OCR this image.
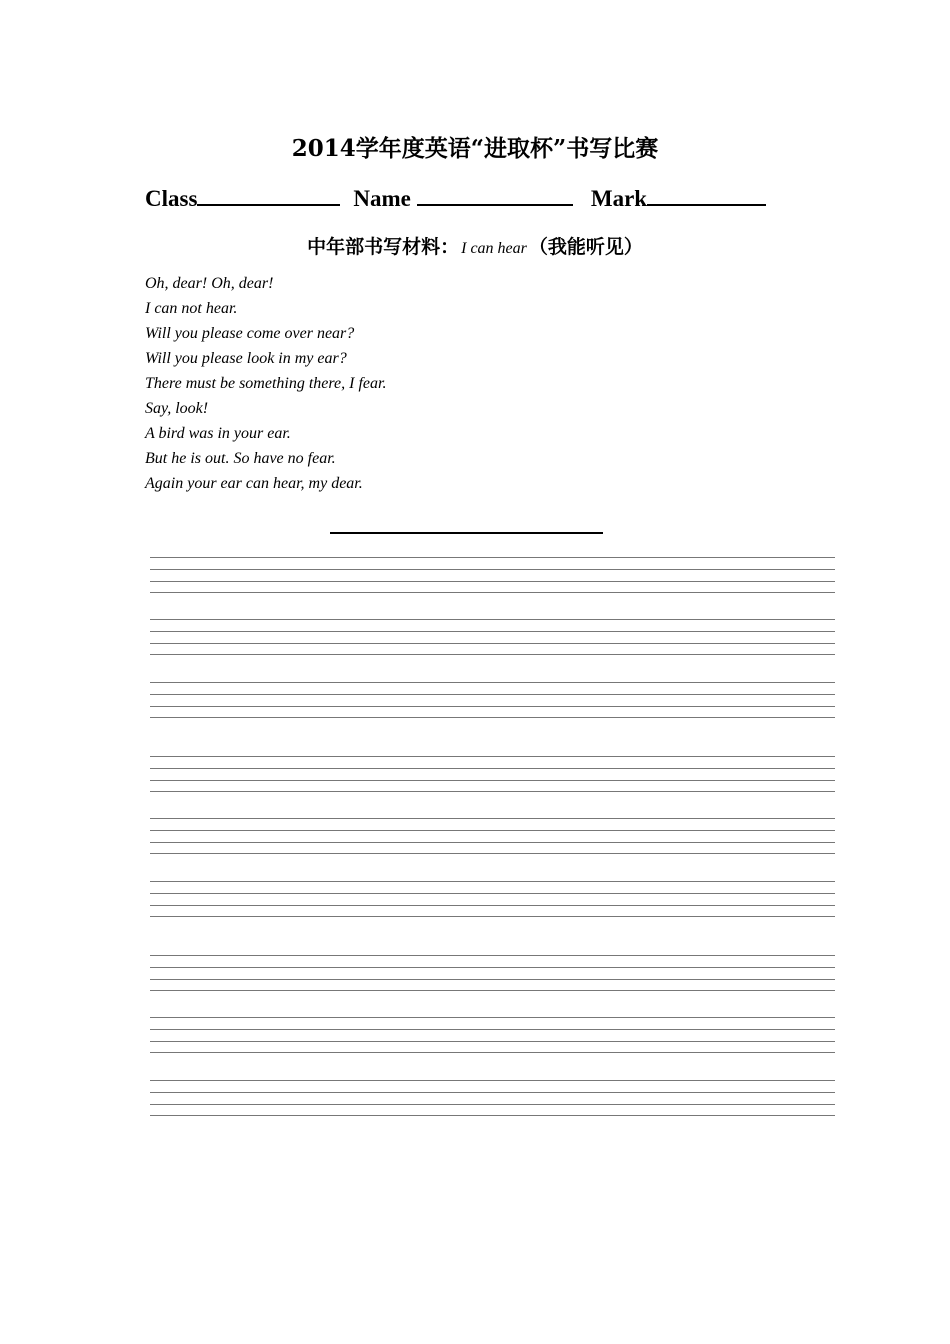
2014学年度英语“进取杯”书写比赛
Class	Name	Mark
中年部书写材料： I can hear （我能听见）
Oh, dear! Oh, dear!
I can not hear.
Will you please come over near?
Will you please look in my ear?
There must be something there, I fear.
Say, look!
A bird was in your ear.
But he is out. So have no fear.
Again your ear can hear, my dear.
